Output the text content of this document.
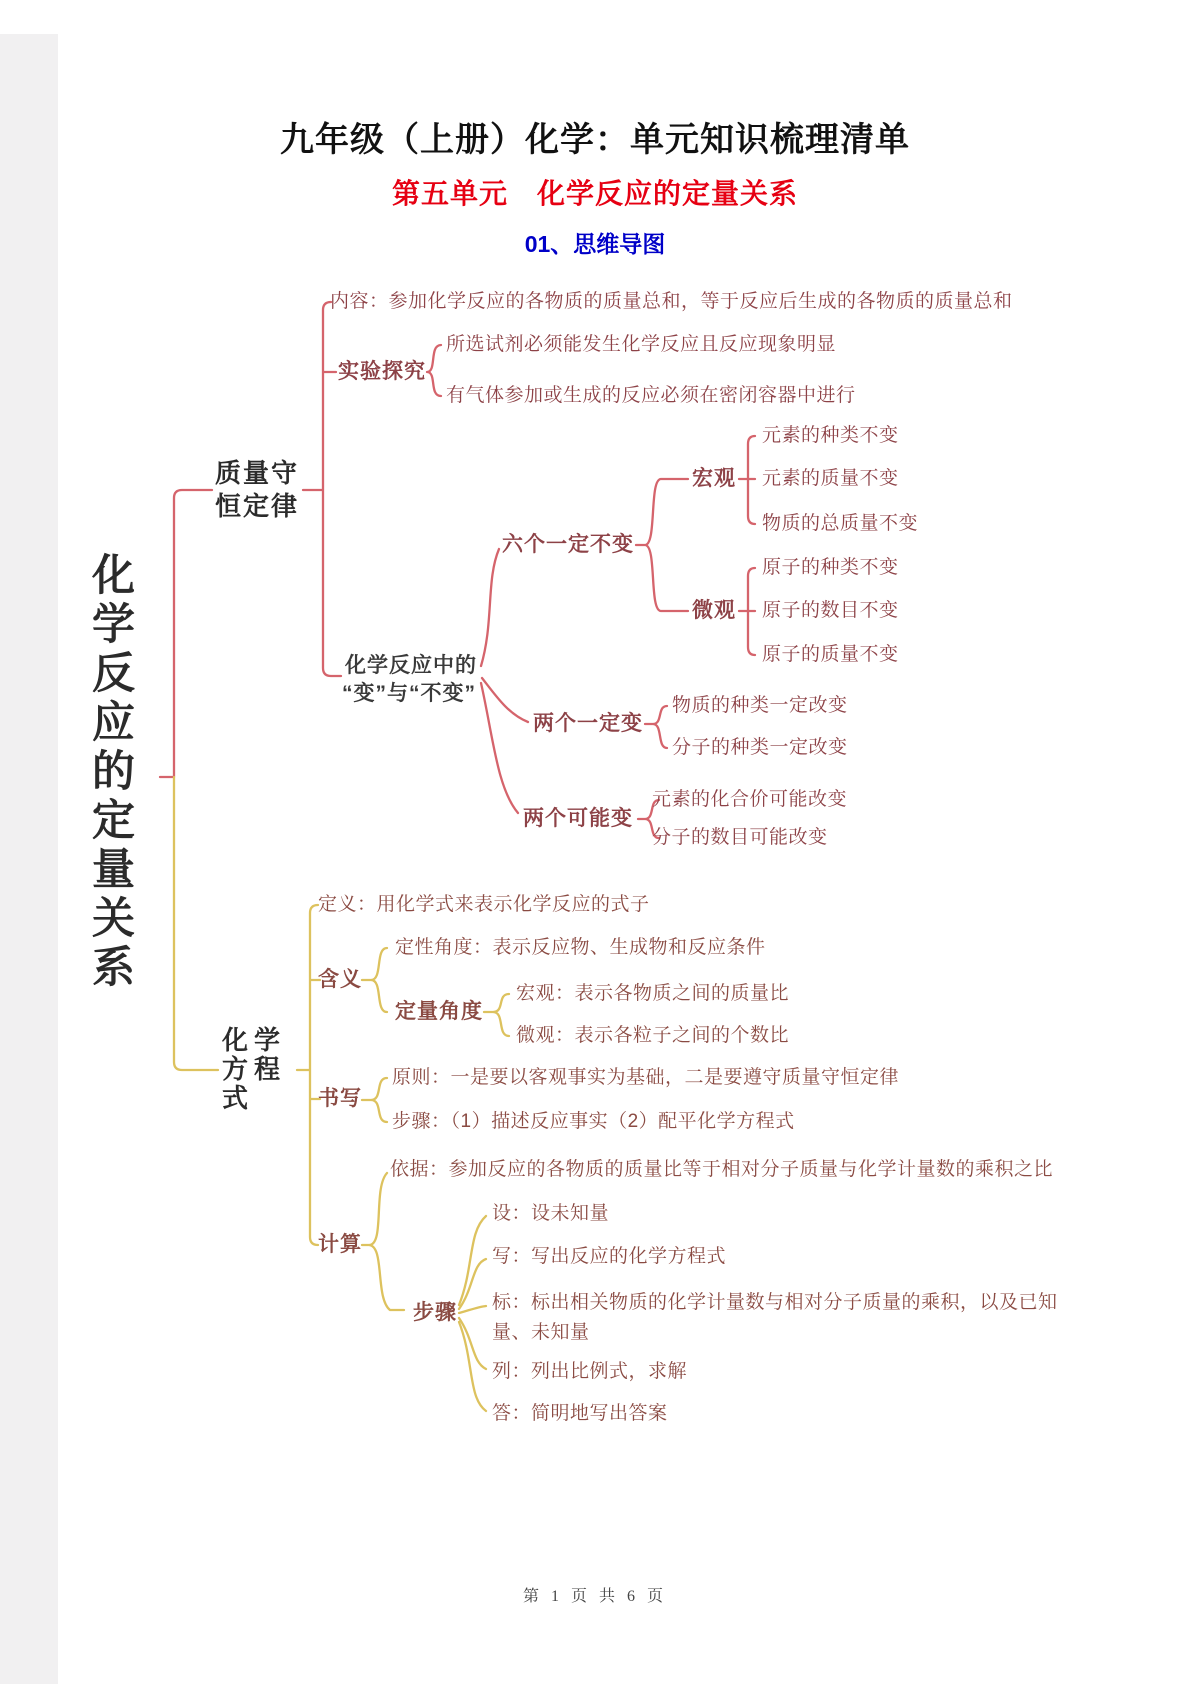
九年级（上册）化学：单元知识梳理清单
第五单元　化学反应的定量关系
01、思维导图
化学反应的定量关系
质量守恒定律
内容：参加化学反应的各物质的质量总和，等于反应后生成的各物质的质量总和
实验探究
所选试剂必须能发生化学反应且反应现象明显
有气体参加或生成的反应必须在密闭容器中进行
化学反应中的
“变”与“不变”
六个一定不变
宏观
元素的种类不变
元素的质量不变
物质的总质量不变
微观
原子的种类不变
原子的数目不变
原子的质量不变
两个一定变
物质的种类一定改变
分子的种类一定改变
两个可能变
元素的化合价可能改变
分子的数目可能改变
化学方程式
定义：用化学式来表示化学反应的式子
含义
定性角度：表示反应物、生成物和反应条件
定量角度
宏观：表示各物质之间的质量比
微观：表示各粒子之间的个数比
书写
原则：一是要以客观事实为基础，二是要遵守质量守恒定律
步骤：（1）描述反应事实（2）配平化学方程式
计算
依据：参加反应的各物质的质量比等于相对分子质量与化学计量数的乘积之比
步骤
设：设未知量
写：写出反应的化学方程式
标：标出相关物质的化学计量数与相对分子质量的乘积，以及已知量、未知量
列：列出比例式，求解
答：简明地写出答案
第 1 页 共 6 页
